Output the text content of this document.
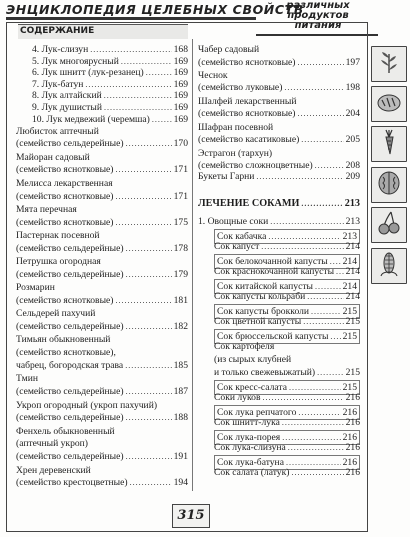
ЭНЦИКЛОПЕДИЯ ЦЕЛЕБНЫХ СВОЙСТВ
различных продуктов
питания
СОДЕРЖАНИЕ
4. Лук-слизун .....	168
5. Лук многоярусный .....	169
6. Лук шнитт (лук-резанец) .....	169
7. Лук-батун .....	169
8. Лук алтайский .....	169
9. Лук душистый .....	169
10. Лук медвежий (черемша) ..... 169
Любисток аптечный
(семейство сельдерейные) .....	170
Майоран садовый
(семейство яснотковые) .....	171
Мелисса лекарственная
(семейство яснотковые) .....	171
Мята перечная
(семейство яснотковые) .....	175
Пастернак посевной
(семейство сельдерейные) .....	178
Петрушка огородная
(семейство сельдерейные) .....	179
Розмарин
(семейство яснотковые) .....	181
Сельдерей пахучий
(семейство сельдерейные) .....	182
Тимьян обыкновенный
(семейство яснотковые),
чабрец, богородская трава .....	185
Тмин
(семейство сельдерейные) .....	187
Укроп огородный (укроп пахучий)
(семейство сельдерейные) .....	188
Фенхель обыкновенный
(аптечный укроп)
(семейство сельдерейные) .....	191
Хрен деревенский
(семейство крестоцветные) .....	194
Чабер садовый
(семейство яснотковые) .....	197
Чеснок
(семейство луковые) .....	198
Шалфей лекарственный
(семейство яснотковые) .....	204
Шафран посевной
(семейство касатиковые) .....	205
Эстрагон (тархун)
(семейство сложноцветные) .....	208
Букеты Гарни .....	209
ЛЕЧЕНИЕ СОКАМИ .....	213
1. Овощные соки .....	213
Сок кабачка .....	213
Сок капуст .....	214
Сок белокочанной капусты ..... 214
Сок краснокочанной капусты ..... 214
Сок китайской капусты .....	214
Сок капусты кольраби .....	214
Сок капусты брокколи .....	215
Сок цветной капусты .....	215
Сок брюссельской капусты ..... 215
Сок картофеля
(из сырых клубней
и только свежевыжатый) .....	215
Сок кресс-салата .....	215
Соки луков .....	216
Сок лука репчатого .....	216
Сок шнитт-лука .....	216
Сок лука-порея .....	216
Сок лука-слизуна .....	216
Сок лука-батуна .....	216
Сок салата (латук) .....	216
315
